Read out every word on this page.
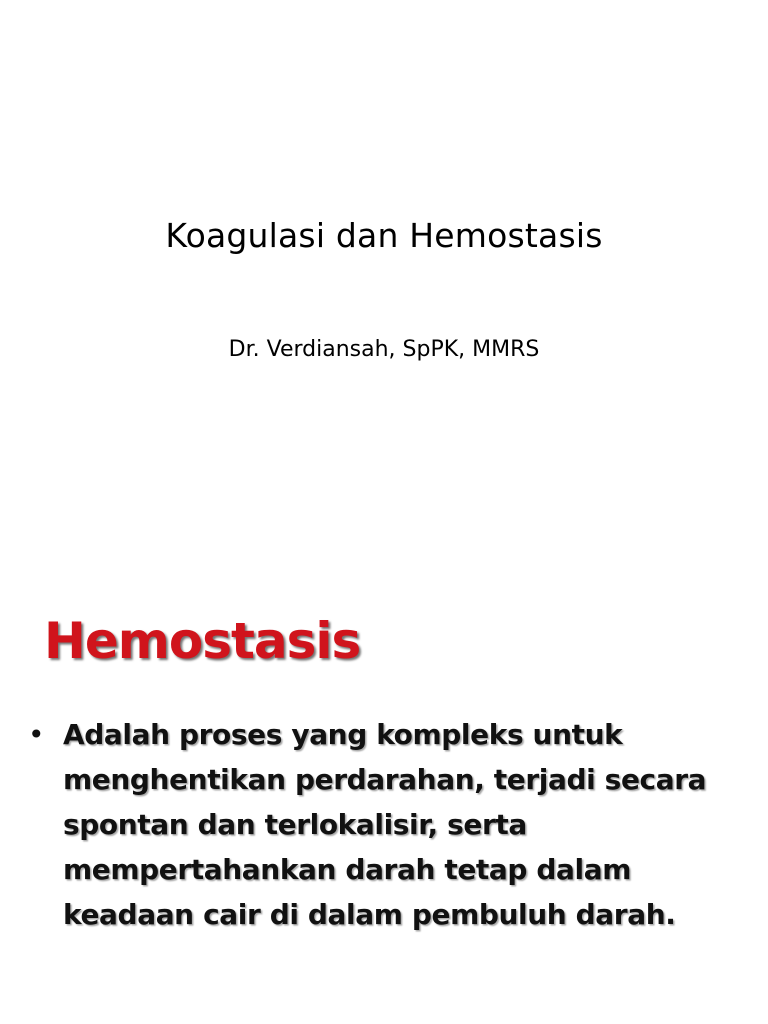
Koagulasi dan Hemostasis
Dr. Verdiansah, SpPK, MMRS
Hemostasis
• Adalah proses yang kompleks untuk
menghentikan perdarahan, terjadi secara
spontan dan terlokalisir, serta
mempertahankan darah tetap dalam
keadaan cair di dalam pembuluh darah.
